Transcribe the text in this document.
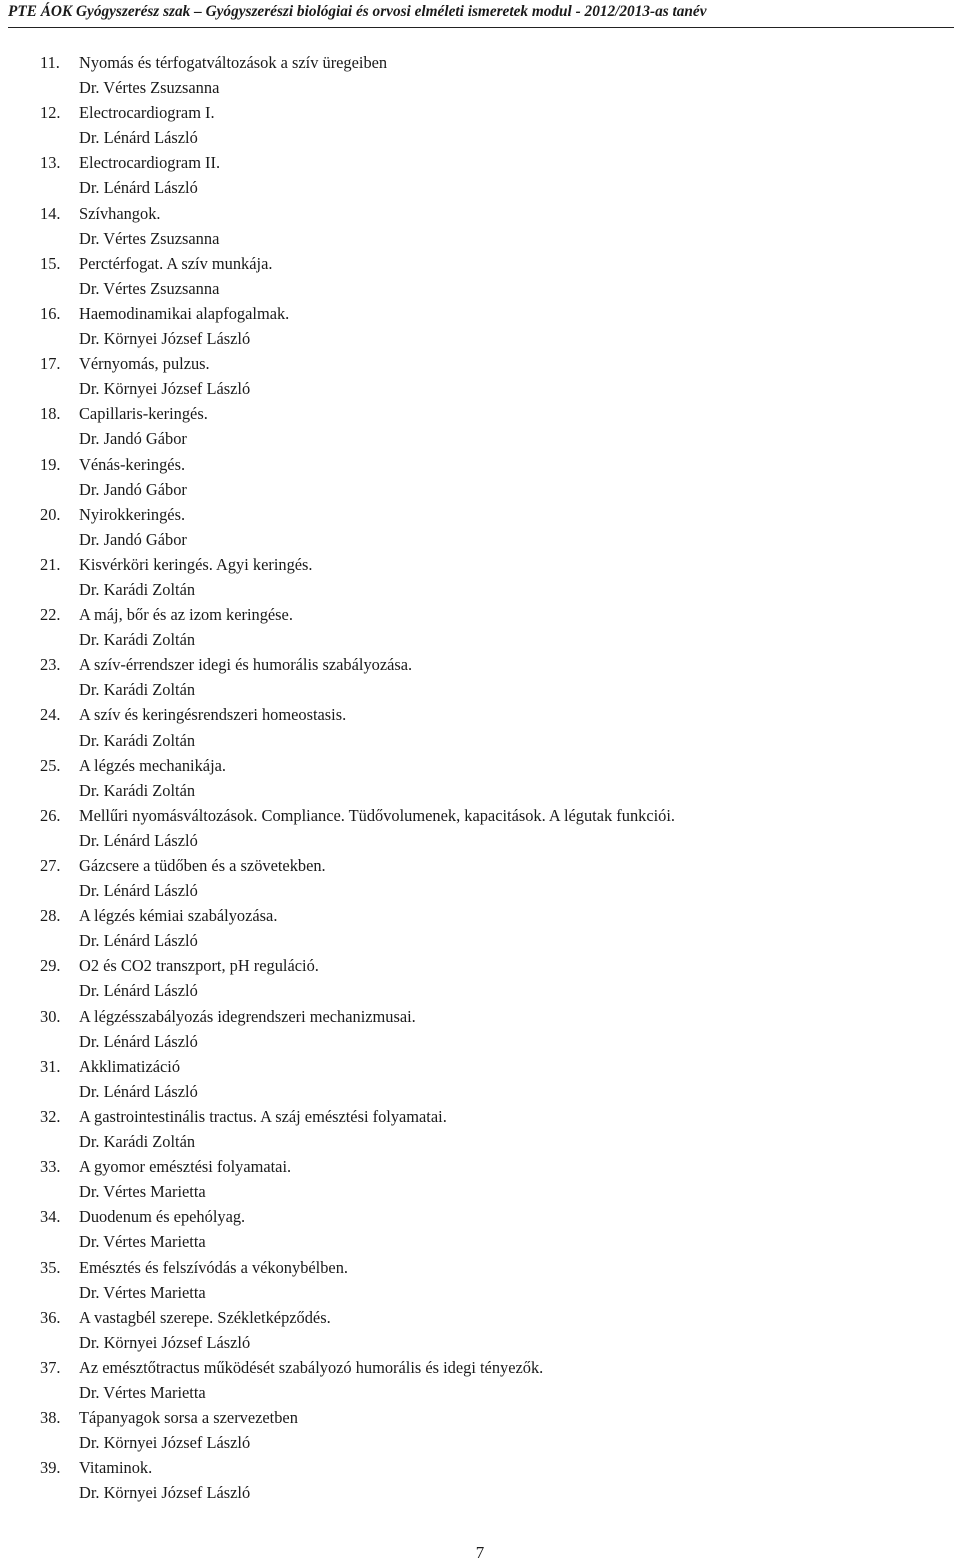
PTE ÁOK Gyógyszerész szak – Gyógyszerészi biológiai és orvosi elméleti ismeretek modul - 2012/2013-as tanév
11. Nyomás és térfogatváltozások a szív üregeiben
Dr. Vértes Zsuzsanna
12. Electrocardiogram I.
Dr. Lénárd László
13. Electrocardiogram II.
Dr. Lénárd László
14. Szívhangok.
Dr. Vértes Zsuzsanna
15. Perctérfogat. A szív munkája.
Dr. Vértes Zsuzsanna
16. Haemodinamikai alapfogalmak.
Dr. Környei József László
17. Vérnyomás, pulzus.
Dr. Környei József László
18. Capillaris-keringés.
Dr. Jandó Gábor
19. Vénás-keringés.
Dr. Jandó Gábor
20. Nyirokkeringés.
Dr. Jandó Gábor
21. Kisvérköri keringés. Agyi keringés.
Dr. Karádi Zoltán
22. A máj, bőr és az izom keringése.
Dr. Karádi Zoltán
23. A szív-érrendszer idegi és humorális szabályozása.
Dr. Karádi Zoltán
24. A szív és keringésrendszeri homeostasis.
Dr. Karádi Zoltán
25. A légzés mechanikája.
Dr. Karádi Zoltán
26. Mellűri nyomásváltozások. Compliance. Tüdővolumenek, kapacitások. A légutak funkciói.
Dr. Lénárd László
27. Gázcsere a tüdőben és a szövetekben.
Dr. Lénárd László
28. A légzés kémiai szabályozása.
Dr. Lénárd László
29. O2 és CO2 transzport, pH reguláció.
Dr. Lénárd László
30. A légzésszabályozás idegrendszeri mechanizmusai.
Dr. Lénárd László
31. Akklimatizáció
Dr. Lénárd László
32. A gastrointestinális tractus. A száj emésztési folyamatai.
Dr. Karádi Zoltán
33. A gyomor emésztési folyamatai.
Dr. Vértes Marietta
34. Duodenum és epehólyag.
Dr. Vértes Marietta
35. Emésztés és felszívódás a vékonybélben.
Dr. Vértes Marietta
36. A vastagbél szerepe. Székletképződés.
Dr. Környei József László
37. Az emésztőtractus működését szabályozó humorális és idegi tényezők.
Dr. Vértes Marietta
38. Tápanyagok sorsa a szervezetben
Dr. Környei József László
39. Vitaminok.
Dr. Környei József László
7
